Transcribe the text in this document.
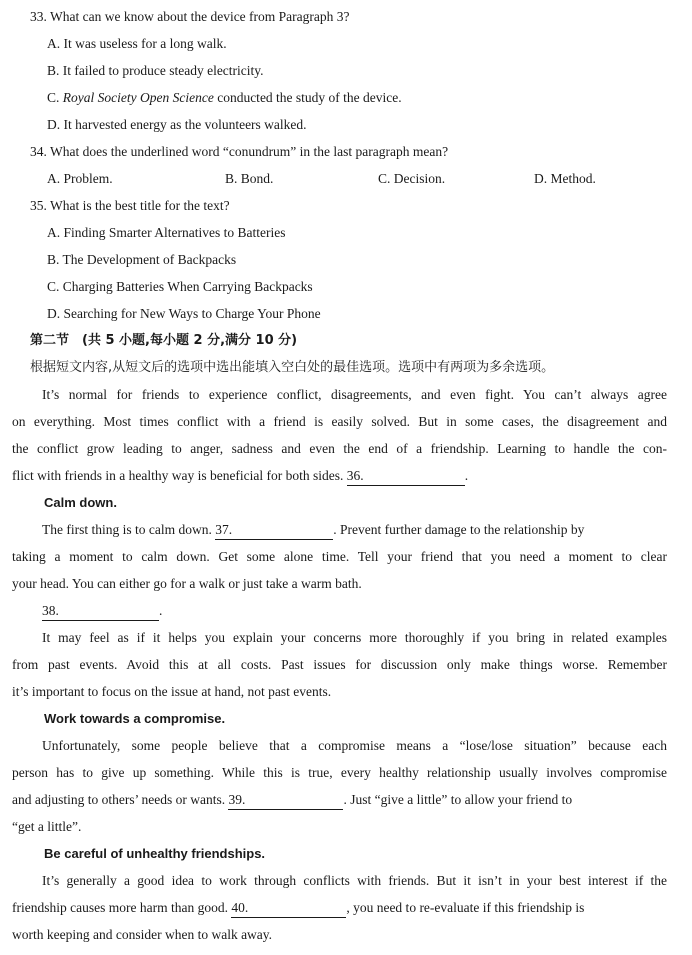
33. What can we know about the device from Paragraph 3?
A. It was useless for a long walk.
B. It failed to produce steady electricity.
C. Royal Society Open Science conducted the study of the device.
D. It harvested energy as the volunteers walked.
34. What does the underlined word “conundrum” in the last paragraph mean?
A. Problem.	B. Bond.	C. Decision.	D. Method.
35. What is the best title for the text?
A. Finding Smarter Alternatives to Batteries
B. The Development of Backpacks
C. Charging Batteries When Carrying Backpacks
D. Searching for New Ways to Charge Your Phone
第二节　(共 5 小题,每小题 2 分,满分 10 分)
根据短文内容,从短文后的选项中选出能填入空白处的最佳选项。选项中有两项为多余选项。
It’s normal for friends to experience conflict, disagreements, and even fight. You can’t always agree
on everything. Most times conflict with a friend is easily solved. But in some cases, the disagreement and
the conflict grow leading to anger, sadness and even the end of a friendship. Learning to handle the con-
flict with friends in a healthy way is beneficial for both sides. 36.	.
Calm down.
The first thing is to calm down. 37.	. Prevent further damage to the relationship by
taking a moment to calm down. Get some alone time. Tell your friend that you need a moment to clear
your head. You can either go for a walk or just take a warm bath.
38.	.
It may feel as if it helps you explain your concerns more thoroughly if you bring in related examples
from past events. Avoid this at all costs. Past issues for discussion only make things worse. Remember
it’s important to focus on the issue at hand, not past events.
Work towards a compromise.
Unfortunately, some people believe that a compromise means a “lose/lose situation” because each
person has to give up something. While this is true, every healthy relationship usually involves compromise
and adjusting to others’ needs or wants. 39.	. Just “give a little” to allow your friend to
“get a little”.
Be careful of unhealthy friendships.
It’s generally a good idea to work through conflicts with friends. But it isn’t in your best interest if the
friendship causes more harm than good. 40.	, you need to re-evaluate if this friendship is
worth keeping and consider when to walk away.
